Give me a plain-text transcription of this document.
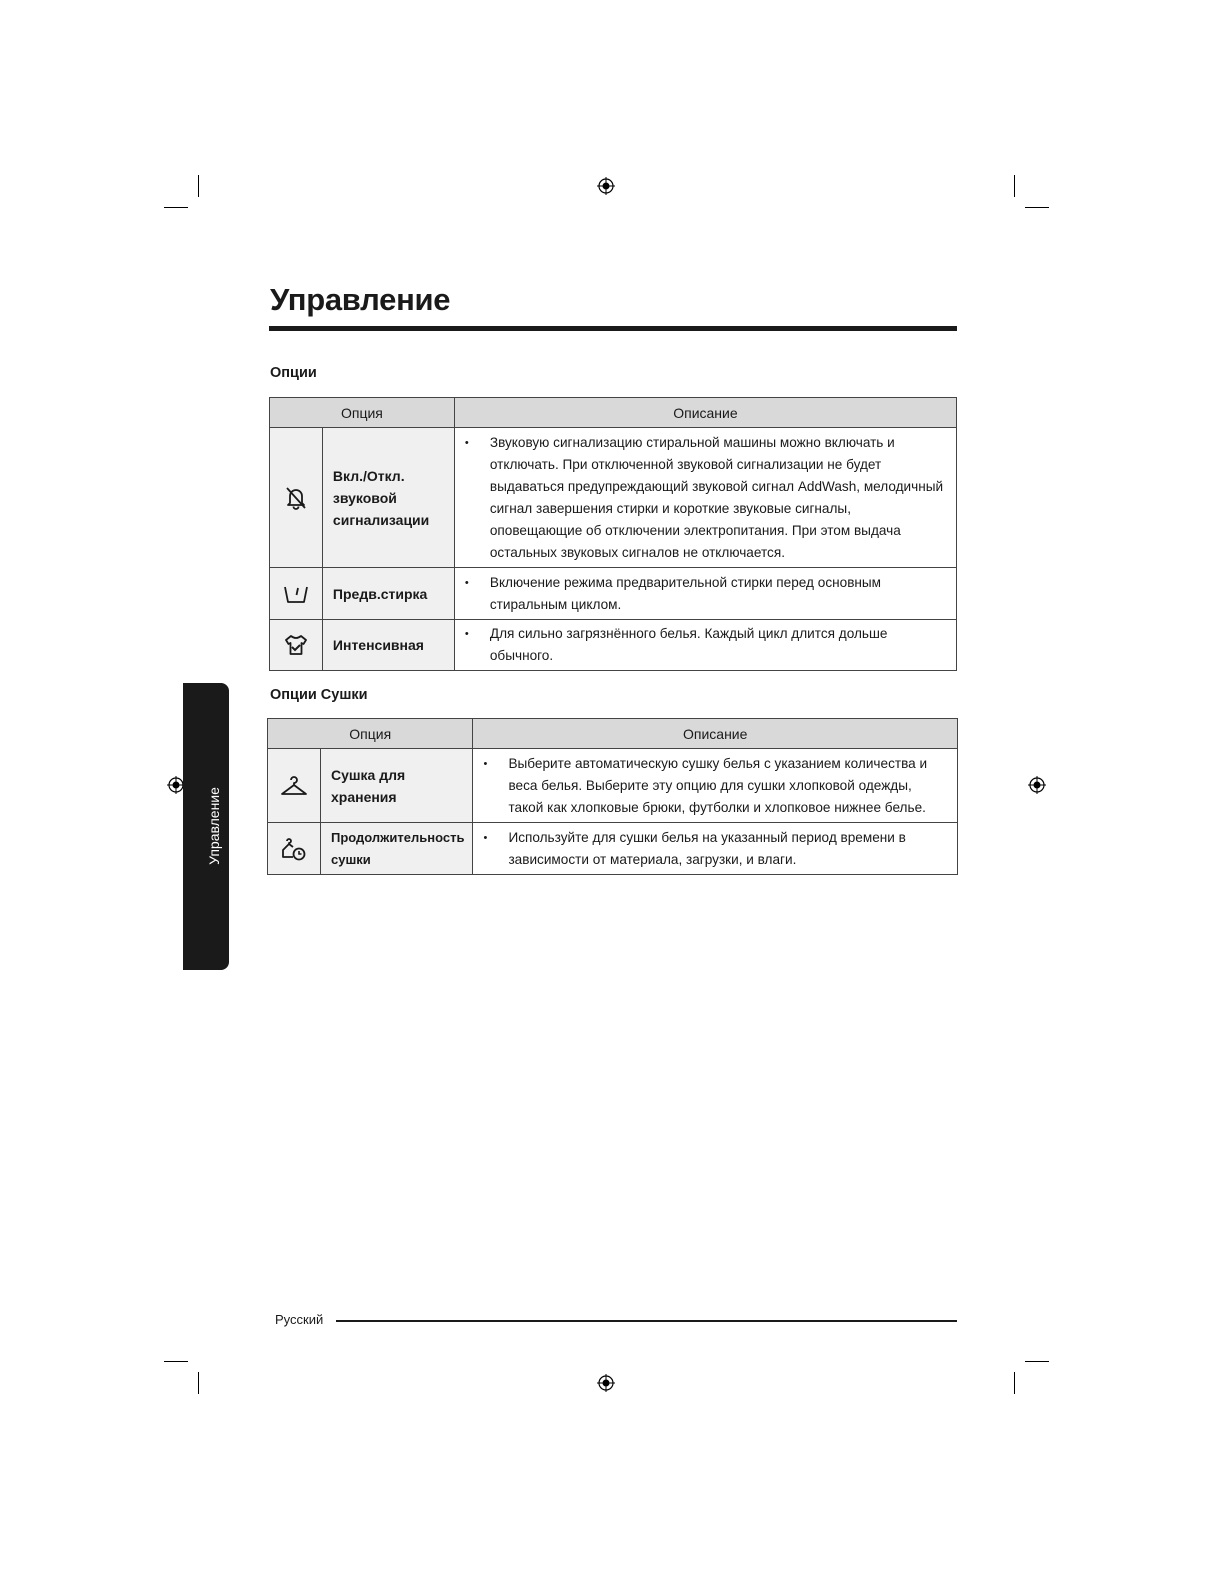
Управление
Опции
Опция		Описание

	Вкл./Откл. звуковой сигнализации	• Звуковую сигнализацию стиральной машины можно включать и отключать. При отключенной звуковой сигнализации не будет выдаваться предупреждающий звуковой сигнал AddWash, мелодичный сигнал завершения стирки и короткие звуковые сигналы, оповещающие об отключении электропитания. При этом выдача остальных звуковых сигналов не отключается.

	Предв.стирка	• Включение режима предварительной стирки перед основным стиральным циклом.

	Интенсивная	• Для сильно загрязнённого белья. Каждый цикл длится дольше обычного.
Опции Сушки
Опция		Описание

	Сушка для хранения	• Выберите автоматическую сушку белья с указанием количества и веса белья. Выберите эту опцию для сушки хлопковой одежды, такой как хлопковые брюки, футболки и хлопковое нижнее белье.

	Продолжительность сушки	• Используйте для сушки белья на указанный период времени в зависимости от материала, загрузки, и влаги.
Управление
Русский
